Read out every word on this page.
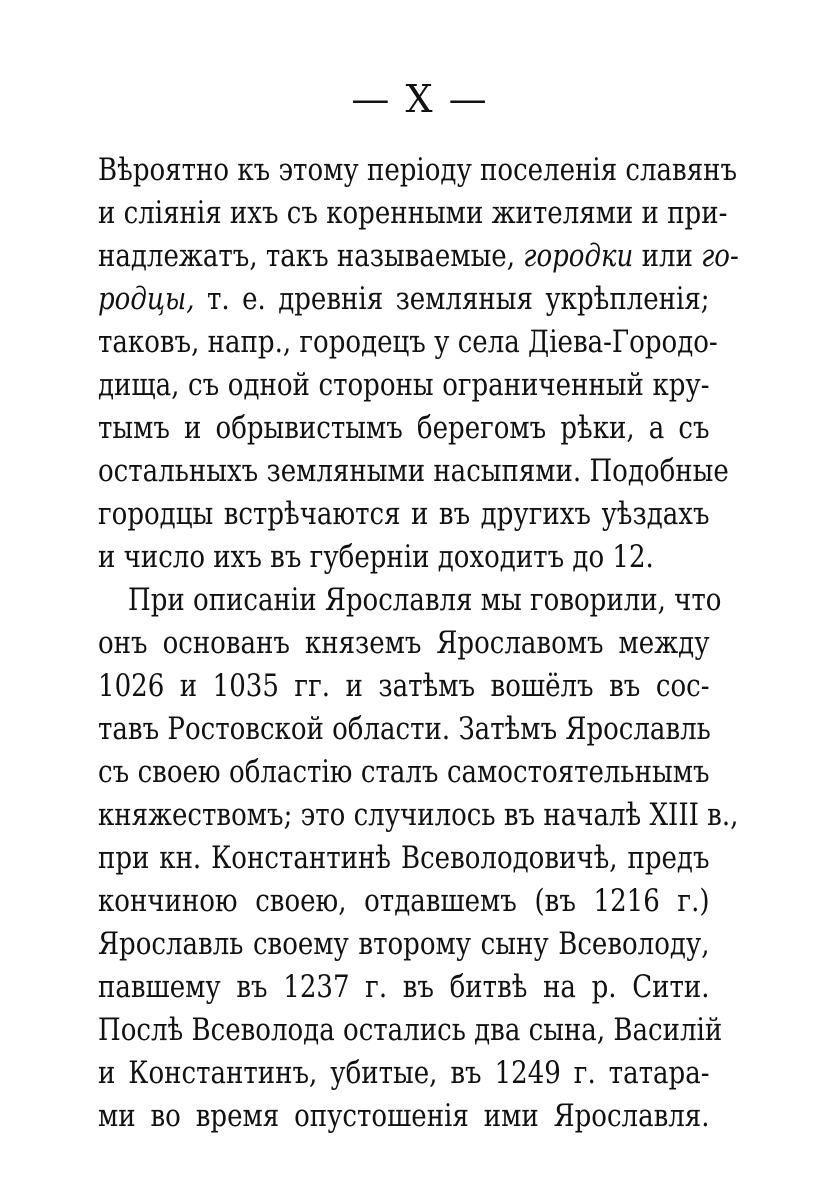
— X —
Вѣроятно къ этому періоду поселенія славянъ
и сліянія ихъ съ коренными жителями и при-
надлежатъ, такъ называемые, городки или го-
родцы, т. е. древнія земляныя укрѣпленія;
таковъ, напр., городецъ у села Діева-Городо-
дища, съ одной стороны ограниченный кру-
тымъ и обрывистымъ берегомъ рѣки, а съ
остальныхъ земляными насыпями. Подобные
городцы встрѣчаются и въ другихъ уѣздахъ
и число ихъ въ губерніи доходитъ до 12.
При описаніи Ярославля мы говорили, что
онъ основанъ княземъ Ярославомъ между
1026 и 1035 гг. и затѣмъ вошёлъ въ сос-
тавъ Ростовской области. Затѣмъ Ярославль
съ своею областію сталъ самостоятельнымъ
княжествомъ; это случилось въ началѣ XIII в.,
при кн. Константинѣ Всеволодовичѣ, предъ
кончиною своею, отдавшемъ (въ 1216 г.)
Ярославль своему второму сыну Всеволоду,
павшему въ 1237 г. въ битвѣ на р. Сити.
Послѣ Всеволода остались два сына, Василій
и Константинъ, убитые, въ 1249 г. татара-
ми во время опустошенія ими Ярославля.
